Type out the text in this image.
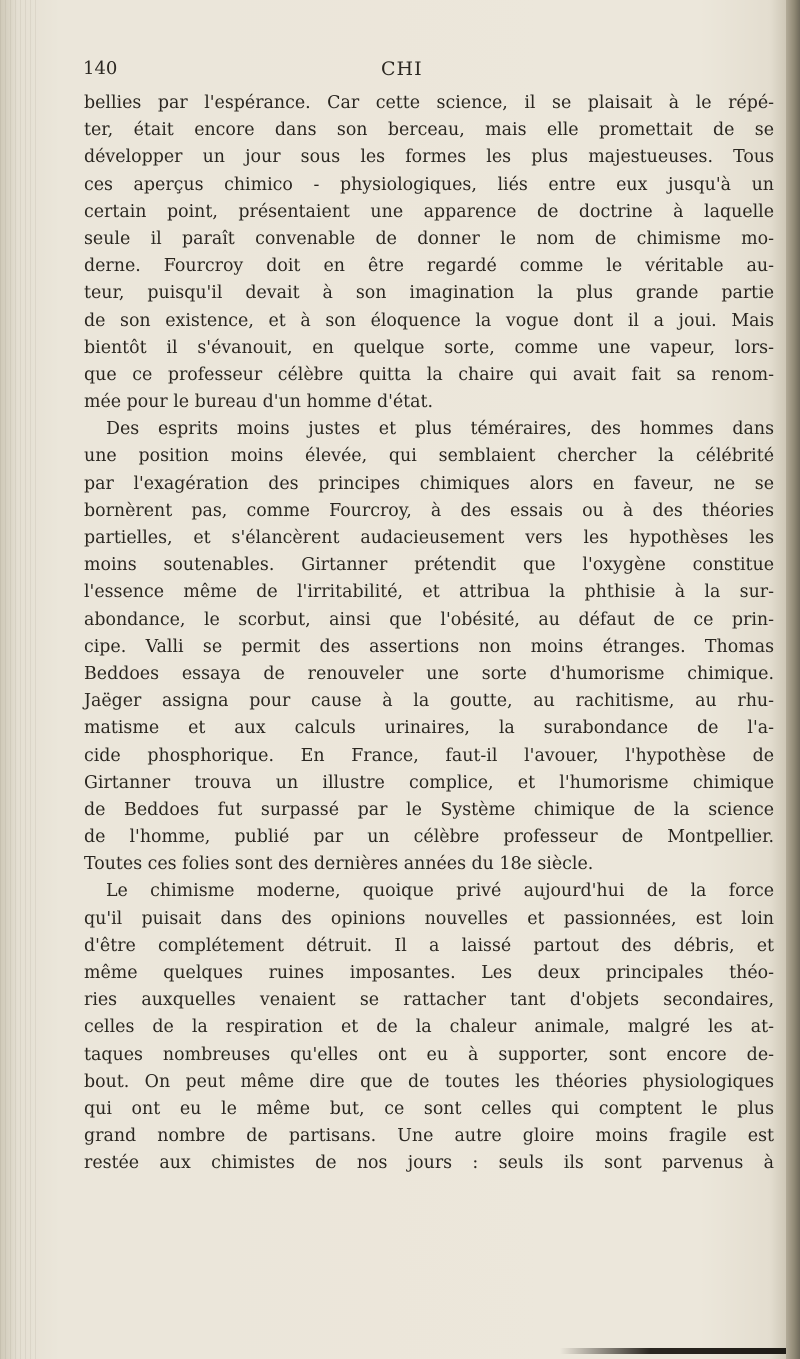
140	CHI
bellies par l'espérance. Car cette science, il se plaisait à le répé-
ter, était encore dans son berceau, mais elle promettait de se
développer un jour sous les formes les plus majestueuses. Tous
ces aperçus chimico - physiologiques, liés entre eux jusqu'à un
certain point, présentaient une apparence de doctrine à laquelle
seule il paraît convenable de donner le nom de chimisme mo-
derne. Fourcroy doit en être regardé comme le véritable au-
teur, puisqu'il devait à son imagination la plus grande partie
de son existence, et à son éloquence la vogue dont il a joui. Mais
bientôt il s'évanouit, en quelque sorte, comme une vapeur, lors-
que ce professeur célèbre quitta la chaire qui avait fait sa renom-
mée pour le bureau d'un homme d'état.
Des esprits moins justes et plus téméraires, des hommes dans
une position moins élevée, qui semblaient chercher la célébrité
par l'exagération des principes chimiques alors en faveur, ne se
bornèrent pas, comme Fourcroy, à des essais ou à des théories
partielles, et s'élancèrent audacieusement vers les hypothèses les
moins soutenables. Girtanner prétendit que l'oxygène constitue
l'essence même de l'irritabilité, et attribua la phthisie à la sur-
abondance, le scorbut, ainsi que l'obésité, au défaut de ce prin-
cipe. Valli se permit des assertions non moins étranges. Thomas
Beddoes essaya de renouveler une sorte d'humorisme chimique.
Jaëger assigna pour cause à la goutte, au rachitisme, au rhu-
matisme et aux calculs urinaires, la surabondance de l'a-
cide phosphorique. En France, faut-il l'avouer, l'hypothèse de
Girtanner trouva un illustre complice, et l'humorisme chimique
de Beddoes fut surpassé par le Système chimique de la science
de l'homme, publié par un célèbre professeur de Montpellier.
Toutes ces folies sont des dernières années du 18e siècle.
Le chimisme moderne, quoique privé aujourd'hui de la force
qu'il puisait dans des opinions nouvelles et passionnées, est loin
d'être complétement détruit. Il a laissé partout des débris, et
même quelques ruines imposantes. Les deux principales théo-
ries auxquelles venaient se rattacher tant d'objets secondaires,
celles de la respiration et de la chaleur animale, malgré les at-
taques nombreuses qu'elles ont eu à supporter, sont encore de-
bout. On peut même dire que de toutes les théories physiologiques
qui ont eu le même but, ce sont celles qui comptent le plus
grand nombre de partisans. Une autre gloire moins fragile est
restée aux chimistes de nos jours : seuls ils sont parvenus à
